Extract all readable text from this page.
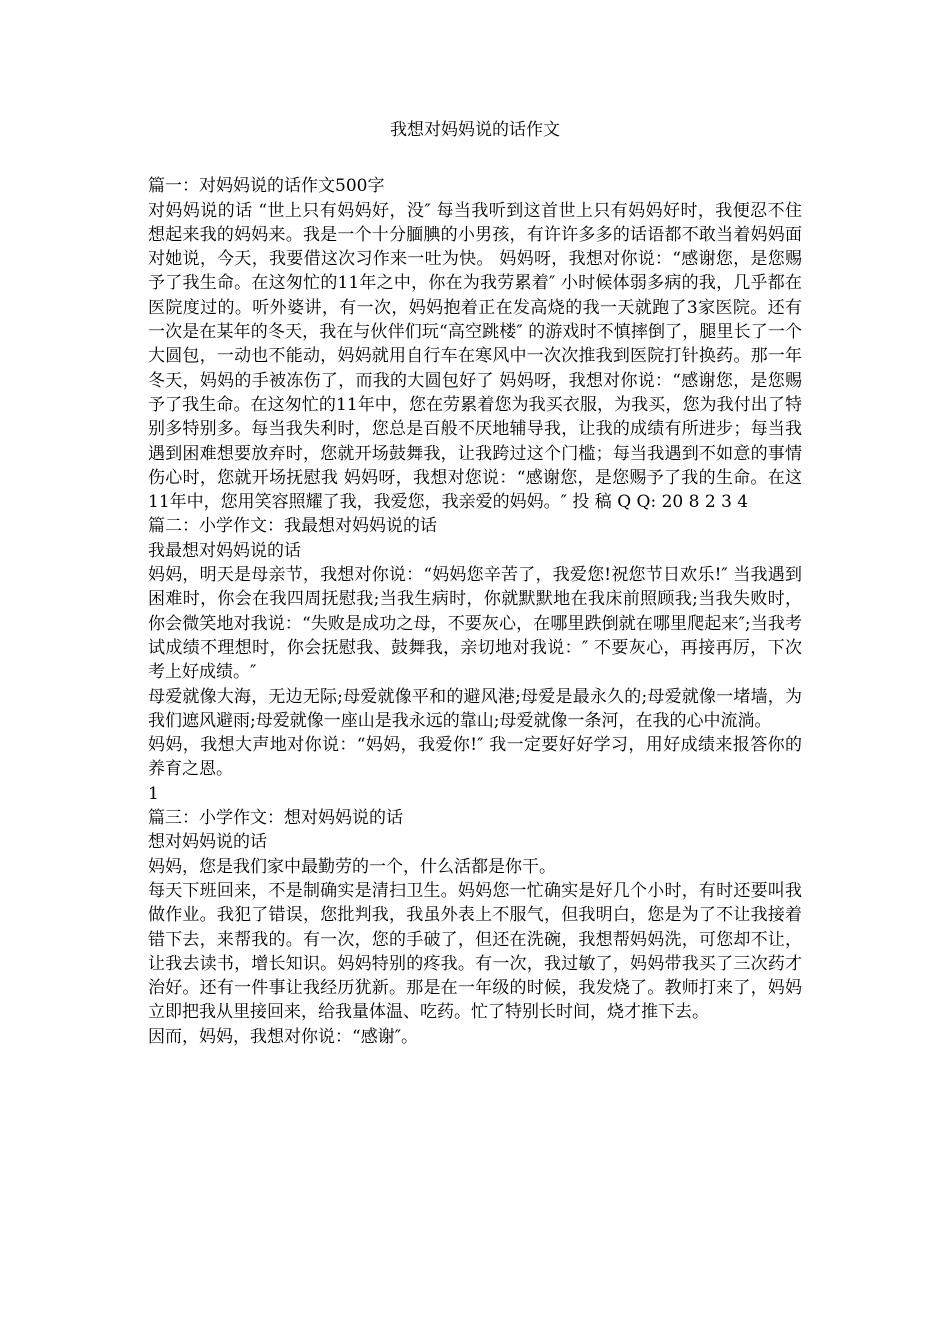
我想对妈妈说的话作文

篇一：对妈妈说的话作文500字

对妈妈说的话 “世上只有妈妈好，没″ 每当我听到这首世上只有妈妈好时，我便忍不住想起来我的妈妈来。我是一个十分腼腆的小男孩，有许许多多的话语都不敢当着妈妈面对她说，今天，我要借这次习作来一吐为快。 妈妈呀，我想对你说：“感谢您，是您赐予了我生命。在这匆忙的11年之中，你在为我劳累着″ 小时候体弱多病的我，几乎都在医院度过的。听外婆讲，有一次，妈妈抱着正在发高烧的我一天就跑了3家医院。还有一次是在某年的冬天，我在与伙伴们玩“高空跳楼″ 的游戏时不慎摔倒了，腿里长了一个大圆包，一动也不能动，妈妈就用自行车在寒风中一次次推我到医院打针换药。那一年冬天，妈妈的手被冻伤了，而我的大圆包好了 妈妈呀，我想对你说：“感谢您，是您赐予了我生命。在这匆忙的11年中，您在劳累着您为我买衣服，为我买，您为我付出了特别多特别多。每当我失利时，您总是百般不厌地辅导我，让我的成绩有所进步；每当我遇到困难想要放弃时，您就开场鼓舞我，让我跨过这个门槛；每当我遇到不如意的事情伤心时，您就开场抚慰我 妈妈呀，我想对您说：“感谢您，是您赐予了我的生命。在这11年中，您用笑容照耀了我，我爱您，我亲爱的妈妈。″ 投 稿 Q Q: 20 8 2 3 4

篇二：小学作文：我最想对妈妈说的话

我最想对妈妈说的话

妈妈，明天是母亲节，我想对你说：“妈妈您辛苦了，我爱您!祝您节日欢乐!″ 当我遇到困难时，你会在我四周抚慰我;当我生病时，你就默默地在我床前照顾我;当我失败时，你会微笑地对我说：“失败是成功之母，不要灰心，在哪里跌倒就在哪里爬起来″;当我考试成绩不理想时，你会抚慰我、鼓舞我，亲切地对我说：″ 不要灰心，再接再厉，下次考上好成绩。″

母爱就像大海，无边无际;母爱就像平和的避风港;母爱是最永久的;母爱就像一堵墙，为我们遮风避雨;母爱就像一座山是我永远的靠山;母爱就像一条河，在我的心中流淌。

妈妈，我想大声地对你说：“妈妈，我爱你!″ 我一定要好好学习，用好成绩来报答你的养育之恩。

1

篇三：小学作文：想对妈妈说的话

想对妈妈说的话

妈妈，您是我们家中最勤劳的一个，什么活都是你干。

每天下班回来，不是制确实是清扫卫生。妈妈您一忙确实是好几个小时，有时还要叫我做作业。我犯了错误，您批判我，我虽外表上不服气，但我明白，您是为了不让我接着错下去，来帮我的。有一次，您的手破了，但还在洗碗，我想帮妈妈洗，可您却不让，让我去读书，增长知识。妈妈特别的疼我。有一次，我过敏了，妈妈带我买了三次药才治好。还有一件事让我经历犹新。那是在一年级的时候，我发烧了。教师打来了，妈妈立即把我从里接回来，给我量体温、吃药。忙了特别长时间，烧才推下去。

因而，妈妈，我想对你说：“感谢″。
